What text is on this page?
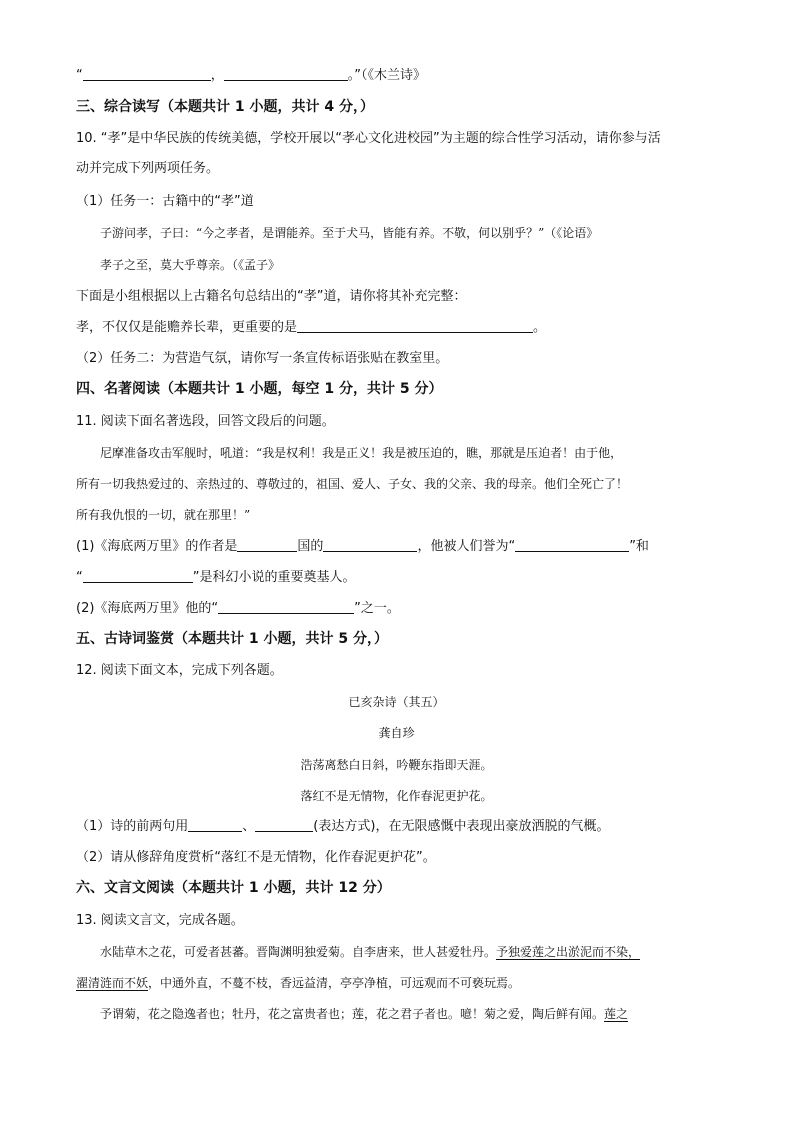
“	，	。”（《木兰诗》
三、综合读写（本题共计 1 小题，共计 4 分，）
10. “孝”是中华民族的传统美德，学校开展以“孝心文化进校园”为主题的综合性学习活动，请你参与活
动并完成下列两项任务。
（1）任务一：古籍中的“孝”道
子游问孝，子曰：“今之孝者，是谓能养。至于犬马，皆能有养。不敬，何以别乎？”（《论语》
孝子之至，莫大乎尊亲。（《孟子》
下面是小组根据以上古籍名句总结出的“孝”道，请你将其补充完整：
孝，不仅仅是能赡养长辈，更重要的是	。
（2）任务二：为营造气氛，请你写一条宣传标语张贴在教室里。
四、名著阅读（本题共计 1 小题，每空 1 分，共计 5 分）
11. 阅读下面名著选段，回答文段后的问题。
尼摩准备攻击军舰时，吼道：“我是权利！我是正义！我是被压迫的，瞧，那就是压迫者！由于他，
所有一切我热爱过的、亲热过的、尊敬过的，祖国、爱人、子女、我的父亲、我的母亲。他们全死亡了！
所有我仇恨的一切，就在那里！”
(1)《海底两万里》的作者是	国的	，他被人们誉为“	”和
“	”是科幻小说的重要奠基人。
(2)《海底两万里》他的“	”之一。
五、古诗词鉴赏（本题共计 1 小题，共计 5 分，）
12. 阅读下面文本，完成下列各题。
已亥杂诗（其五）
龚自珍
浩荡离愁白日斜，吟鞭东指即天涯。
落红不是无情物，化作春泥更护花。
（1）诗的前两句用	、	(表达方式)，在无限感慨中表现出豪放洒脱的气概。
（2）请从修辞角度赏析“落红不是无情物，化作春泥更护花”。
六、文言文阅读（本题共计 1 小题，共计 12 分）
13. 阅读文言文，完成各题。
水陆草木之花，可爱者甚蕃。晋陶渊明独爱菊。自李唐来，世人甚爱牡丹。予独爱莲之出淤泥而不染，
濯清涟而不妖，中通外直，不蔓不枝，香远益清，亭亭净植，可远观而不可亵玩焉。
予谓菊，花之隐逸者也；牡丹，花之富贵者也；莲，花之君子者也。噫！菊之爱，陶后鲜有闻。莲之
